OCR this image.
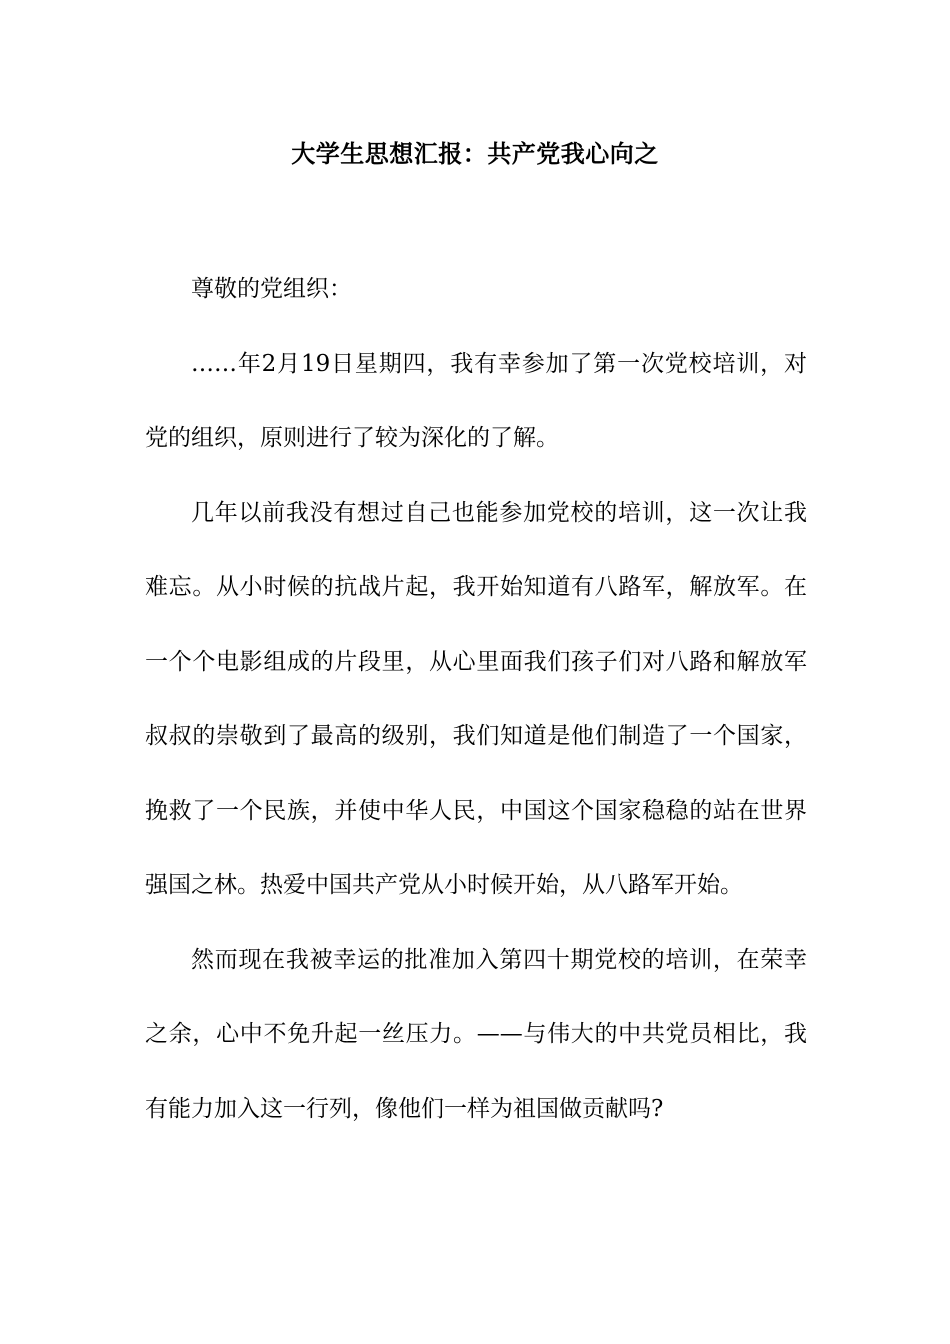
大学生思想汇报：共产党我心向之

尊敬的党组织：

……年2月19日星期四，我有幸参加了第一次党校培训，对党的组织，原则进行了较为深化的了解。

几年以前我没有想过自己也能参加党校的培训，这一次让我难忘。从小时候的抗战片起，我开始知道有八路军，解放军。在一个个电影组成的片段里，从心里面我们孩子们对八路和解放军叔叔的崇敬到了最高的级别，我们知道是他们制造了一个国家，挽救了一个民族，并使中华人民，中国这个国家稳稳的站在世界强国之林。热爱中国共产党从小时候开始，从八路军开始。

然而现在我被幸运的批准加入第四十期党校的培训，在荣幸之余，心中不免升起一丝压力。——与伟大的中共党员相比，我有能力加入这一行列，像他们一样为祖国做贡献吗?
